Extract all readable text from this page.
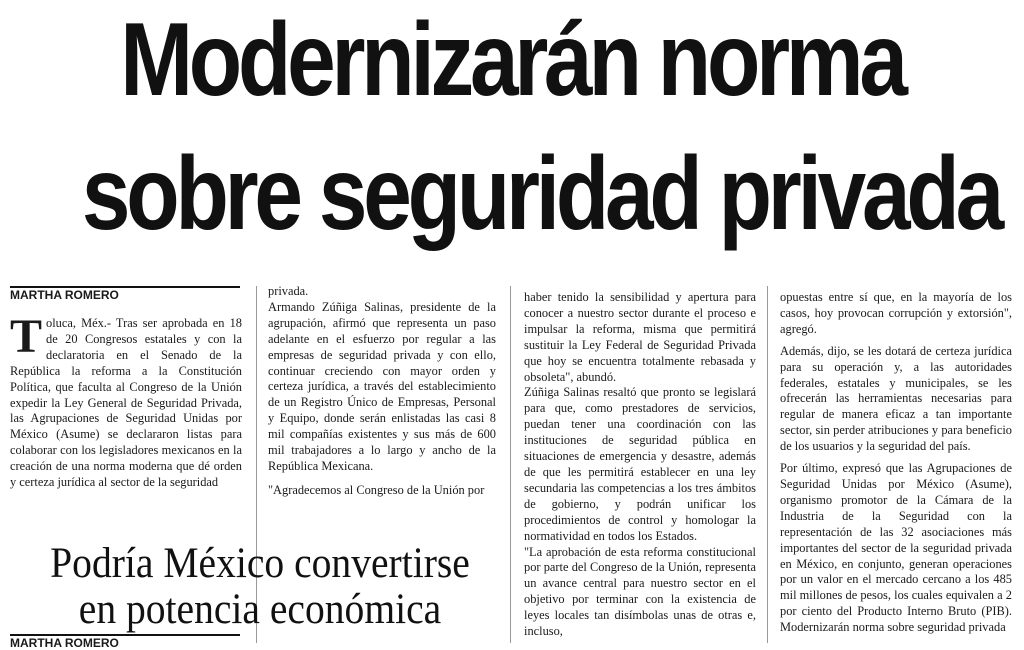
Modernizarán norma
sobre seguridad privada
MARTHA ROMERO

Toluca, Méx.- Tras ser aprobada en 18 de 20 Congresos estatales y con la declaratoria en el Senado de la República la reforma a la Constitución Política, que faculta al Congreso de la Unión expedir la Ley General de Seguridad Privada, las Agrupaciones de Seguridad Unidas por México (Asume) se declararon listas para colaborar con los legisladores mexicanos en la creación de una norma moderna que dé orden y certeza jurídica al sector de la seguridad

privada.

Armando Zúñiga Salinas, presidente de la agrupación, afirmó que representa un paso adelante en el esfuerzo por regular a las empresas de seguridad privada y con ello, continuar creciendo con mayor orden y certeza jurídica, a través del establecimiento de un Registro Único de Empresas, Personal y Equipo, donde serán enlistadas las casi 8 mil compañías existentes y sus más de 600 mil trabajadores a lo largo y ancho de la República Mexicana.

"Agradecemos al Congreso de la Unión por

haber tenido la sensibilidad y apertura para conocer a nuestro sector durante el proceso e impulsar la reforma, misma que permitirá sustituir la Ley Federal de Seguridad Privada que hoy se encuentra totalmente rebasada y obsoleta", abundó.

Zúñiga Salinas resaltó que pronto se legislará para que, como prestadores de servicios, puedan tener una coordinación con las instituciones de seguridad pública en situaciones de emergencia y desastre, además de que les permitirá establecer en una ley secundaria las competencias a los tres ámbitos de gobierno, y podrán unificar los procedimientos de control y homologar la normatividad en todos los Estados.

"La aprobación de esta reforma constitucional por parte del Congreso de la Unión, representa un avance central para nuestro sector en el objetivo por terminar con la existencia de leyes locales tan disímbolas unas de otras e, incluso,

opuestas entre sí que, en la mayoría de los casos, hoy provocan corrupción y extorsión", agregó.

Además, dijo, se les dotará de certeza jurídica para su operación y, a las autoridades federales, estatales y municipales, se les ofrecerán las herramientas necesarias para regular de manera eficaz a tan importante sector, sin perder atribuciones y para beneficio de los usuarios y la seguridad del país.

Por último, expresó que las Agrupaciones de Seguridad Unidas por México (Asume), organismo promotor de la Cámara de la Industria de la Seguridad con la representación de las 32 asociaciones más importantes del sector de la seguridad privada en México, en conjunto, generan operaciones por un valor en el mercado cercano a los 485 mil millones de pesos, los cuales equivalen a 2 por ciento del Producto Interno Bruto (PIB). Modernizarán norma sobre seguridad privada

Podría México convertirse
en potencia económica
MARTHA ROMERO
